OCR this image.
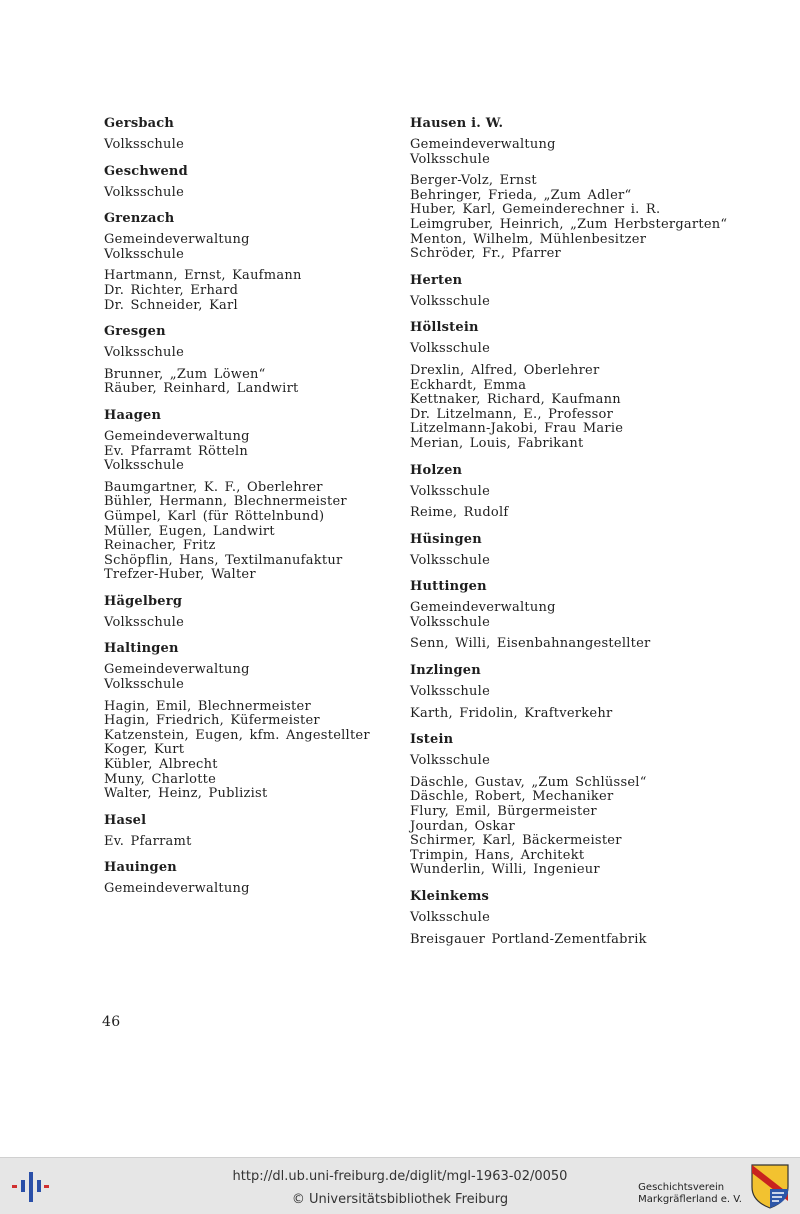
Gersbach
Volksschule
Geschwend
Volksschule
Grenzach
Gemeindeverwaltung
Volksschule
Hartmann, Ernst, Kaufmann
Dr. Richter, Erhard
Dr. Schneider, Karl
Gresgen
Volksschule
Brunner, „Zum Löwen“
Räuber, Reinhard, Landwirt
Haagen
Gemeindeverwaltung
Ev. Pfarramt Rötteln
Volksschule
Baumgartner, K. F., Oberlehrer
Bühler, Hermann, Blechnermeister
Gümpel, Karl (für Röttelnbund)
Müller, Eugen, Landwirt
Reinacher, Fritz
Schöpflin, Hans, Textilmanufaktur
Trefzer-Huber, Walter
Hägelberg
Volksschule
Haltingen
Gemeindeverwaltung
Volksschule
Hagin, Emil, Blechnermeister
Hagin, Friedrich, Küfermeister
Katzenstein, Eugen, kfm. Angestellter
Koger, Kurt
Kübler, Albrecht
Muny, Charlotte
Walter, Heinz, Publizist
Hasel
Ev. Pfarramt
Hauingen
Gemeindeverwaltung
Hausen i. W.
Gemeindeverwaltung
Volksschule
Berger-Volz, Ernst
Behringer, Frieda, „Zum Adler“
Huber, Karl, Gemeinderechner i. R.
Leimgruber, Heinrich, „Zum Herbstergarten“
Menton, Wilhelm, Mühlenbesitzer
Schröder, Fr., Pfarrer
Herten
Volksschule
Höllstein
Volksschule
Drexlin, Alfred, Oberlehrer
Eckhardt, Emma
Kettnaker, Richard, Kaufmann
Dr. Litzelmann, E., Professor
Litzelmann-Jakobi, Frau Marie
Merian, Louis, Fabrikant
Holzen
Volksschule
Reime, Rudolf
Hüsingen
Volksschule
Huttingen
Gemeindeverwaltung
Volksschule
Senn, Willi, Eisenbahnangestellter
Inzlingen
Volksschule
Karth, Fridolin, Kraftverkehr
Istein
Volksschule
Däschle, Gustav, „Zum Schlüssel“
Däschle, Robert, Mechaniker
Flury, Emil, Bürgermeister
Jourdan, Oskar
Schirmer, Karl, Bäckermeister
Trimpin, Hans, Architekt
Wunderlin, Willi, Ingenieur
Kleinkems
Volksschule
Breisgauer Portland-Zementfabrik
46
http://dl.ub.uni-freiburg.de/diglit/mgl-1963-02/0050
© Universitätsbibliothek Freiburg
Geschichtsverein
Markgräflerland e. V.
